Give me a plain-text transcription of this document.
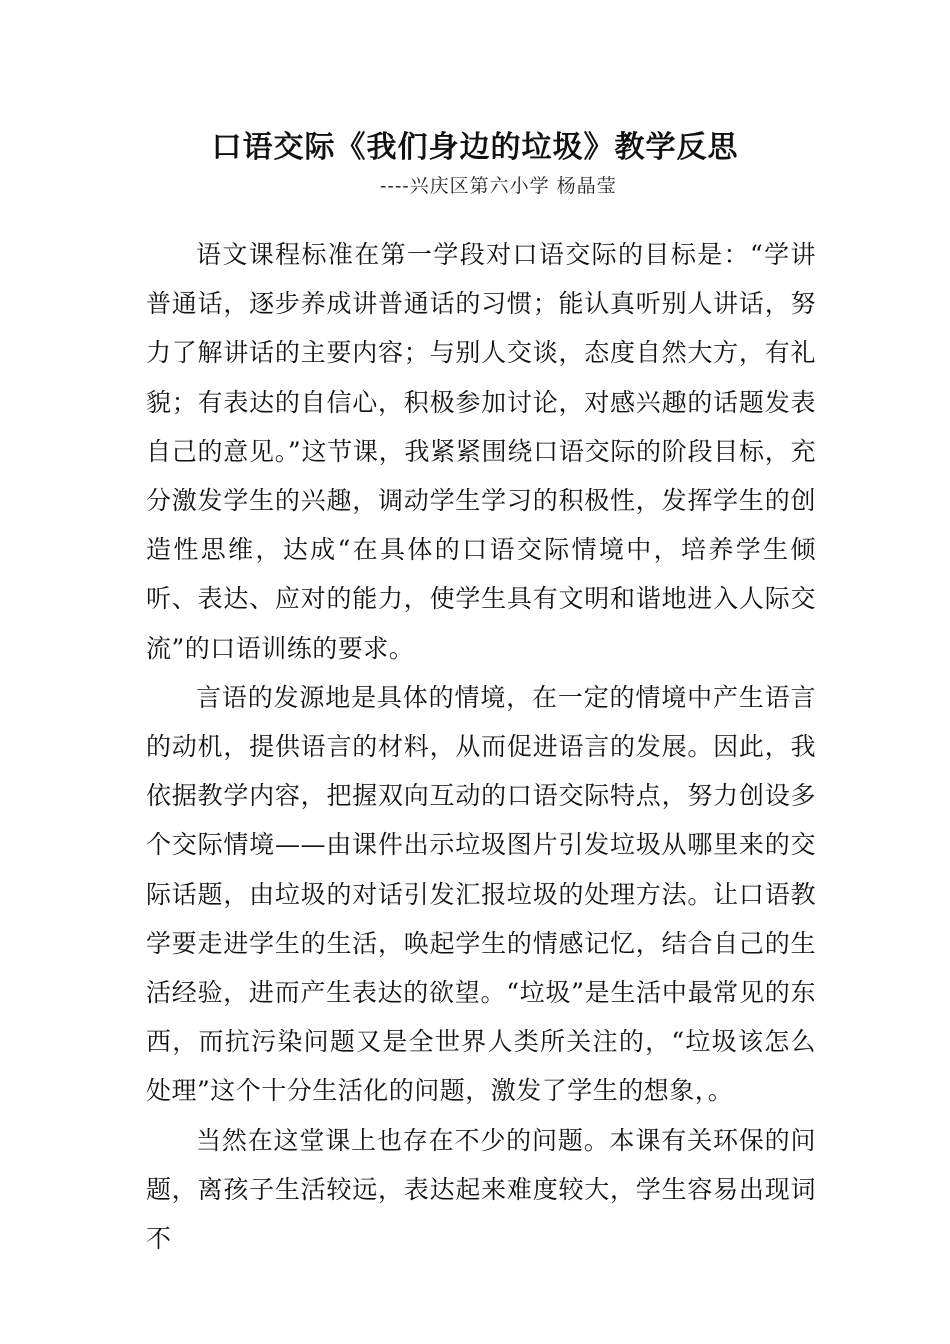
口语交际《我们身边的垃圾》教学反思
----兴庆区第六小学 杨晶莹

语文课程标准在第一学段对口语交际的目标是：“学讲普通话，逐步养成讲普通话的习惯；能认真听别人讲话，努力了解讲话的主要内容；与别人交谈，态度自然大方，有礼貌；有表达的自信心，积极参加讨论，对感兴趣的话题发表自己的意见。”这节课，我紧紧围绕口语交际的阶段目标，充分激发学生的兴趣，调动学生学习的积极性，发挥学生的创造性思维，达成“在具体的口语交际情境中，培养学生倾听、表达、应对的能力，使学生具有文明和谐地进入人际交流”的口语训练的要求。

言语的发源地是具体的情境，在一定的情境中产生语言的动机，提供语言的材料，从而促进语言的发展。因此，我依据教学内容，把握双向互动的口语交际特点，努力创设多个交际情境——由课件出示垃圾图片引发垃圾从哪里来的交际话题，由垃圾的对话引发汇报垃圾的处理方法。让口语教学要走进学生的生活，唤起学生的情感记忆，结合自己的生活经验，进而产生表达的欲望。“垃圾”是生活中最常见的东西，而抗污染问题又是全世界人类所关注的，“垃圾该怎么处理”这个十分生活化的问题，激发了学生的想象，。

当然在这堂课上也存在不少的问题。本课有关环保的问题，离孩子生活较远，表达起来难度较大，学生容易出现词不
